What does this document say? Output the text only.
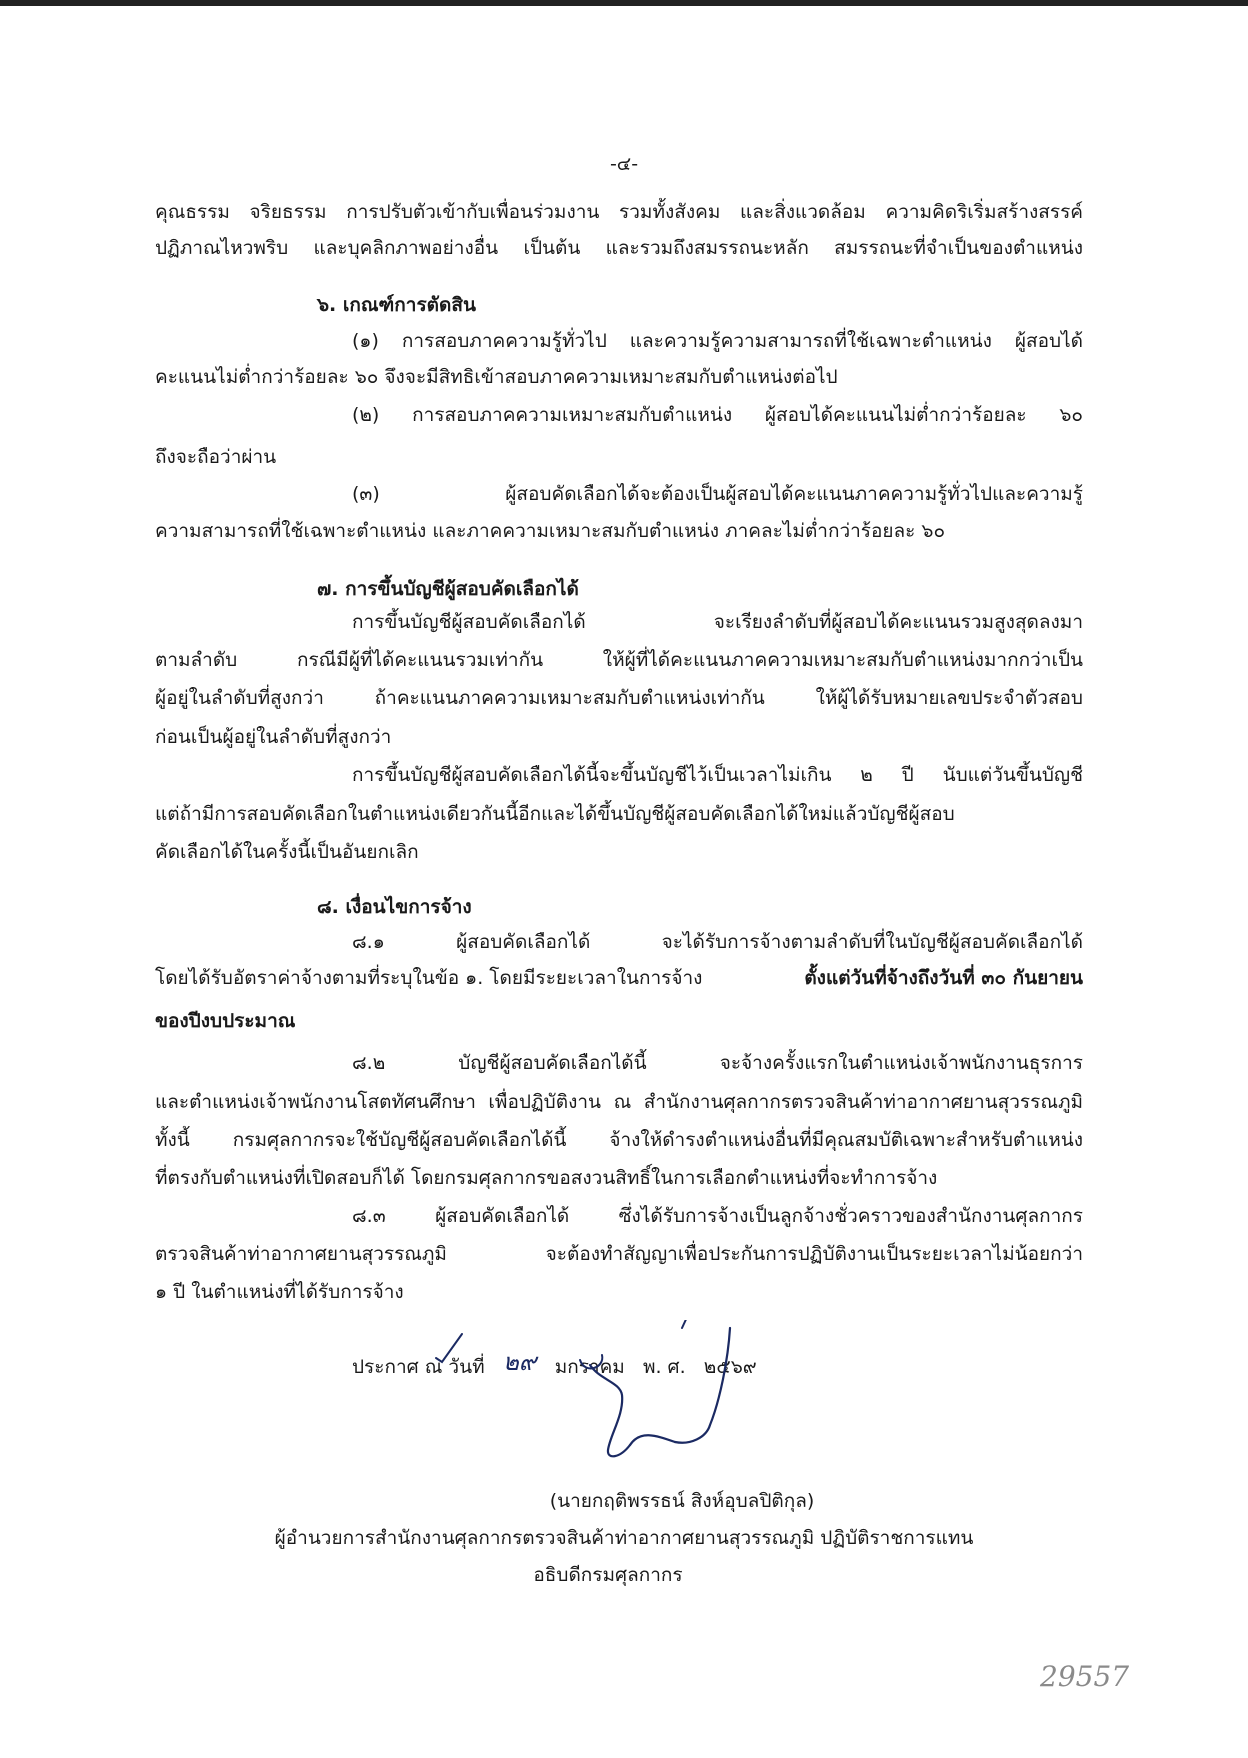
-๔-
คุณธรรม จริยธรรม การปรับตัวเข้ากับเพื่อนร่วมงาน รวมทั้งสังคม และสิ่งแวดล้อม ความคิดริเริ่มสร้างสรรค์
ปฏิภาณไหวพริบ และบุคลิกภาพอย่างอื่น เป็นต้น และรวมถึงสมรรถนะหลัก สมรรถนะที่จำเป็นของตำแหน่ง
๖. เกณฑ์การตัดสิน
(๑) การสอบภาคความรู้ทั่วไป และความรู้ความสามารถที่ใช้เฉพาะตำแหน่ง ผู้สอบได้
คะแนนไม่ต่ำกว่าร้อยละ ๖๐ จึงจะมีสิทธิเข้าสอบภาคความเหมาะสมกับตำแหน่งต่อไป
(๒) การสอบภาคความเหมาะสมกับตำแหน่ง ผู้สอบได้คะแนนไม่ต่ำกว่าร้อยละ ๖๐
ถึงจะถือว่าผ่าน
(๓) ผู้สอบคัดเลือกได้จะต้องเป็นผู้สอบได้คะแนนภาคความรู้ทั่วไปและความรู้
ความสามารถที่ใช้เฉพาะตำแหน่ง และภาคความเหมาะสมกับตำแหน่ง ภาคละไม่ต่ำกว่าร้อยละ ๖๐
๗. การขึ้นบัญชีผู้สอบคัดเลือกได้
การขึ้นบัญชีผู้สอบคัดเลือกได้ จะเรียงลำดับที่ผู้สอบได้คะแนนรวมสูงสุดลงมา
ตามลำดับ กรณีมีผู้ที่ได้คะแนนรวมเท่ากัน ให้ผู้ที่ได้คะแนนภาคความเหมาะสมกับตำแหน่งมากกว่าเป็น
ผู้อยู่ในลำดับที่สูงกว่า ถ้าคะแนนภาคความเหมาะสมกับตำแหน่งเท่ากัน ให้ผู้ได้รับหมายเลขประจำตัวสอบ
ก่อนเป็นผู้อยู่ในลำดับที่สูงกว่า
การขึ้นบัญชีผู้สอบคัดเลือกได้นี้จะขึ้นบัญชีไว้เป็นเวลาไม่เกิน ๒ ปี นับแต่วันขึ้นบัญชี
แต่ถ้ามีการสอบคัดเลือกในตำแหน่งเดียวกันนี้อีกและได้ขึ้นบัญชีผู้สอบคัดเลือกได้ใหม่แล้วบัญชีผู้สอบ
คัดเลือกได้ในครั้งนี้เป็นอันยกเลิก
๘. เงื่อนไขการจ้าง
๘.๑ ผู้สอบคัดเลือกได้ จะได้รับการจ้างตามลำดับที่ในบัญชีผู้สอบคัดเลือกได้
โดยได้รับอัตราค่าจ้างตามที่ระบุในข้อ ๑. โดยมีระยะเวลาในการจ้าง	ตั้งแต่วันที่จ้างถึงวันที่ ๓๐ กันยายน
ของปีงบประมาณ
๘.๒ บัญชีผู้สอบคัดเลือกได้นี้ จะจ้างครั้งแรกในตำแหน่งเจ้าพนักงานธุรการ
และตำแหน่งเจ้าพนักงานโสตทัศนศึกษา เพื่อปฏิบัติงาน ณ สำนักงานศุลกากรตรวจสินค้าท่าอากาศยานสุวรรณภูมิ
ทั้งนี้ กรมศุลกากรจะใช้บัญชีผู้สอบคัดเลือกได้นี้ จ้างให้ดำรงตำแหน่งอื่นที่มีคุณสมบัติเฉพาะสำหรับตำแหน่ง
ที่ตรงกับตำแหน่งที่เปิดสอบก็ได้ โดยกรมศุลกากรขอสงวนสิทธิ์ในการเลือกตำแหน่งที่จะทำการจ้าง
๘.๓ ผู้สอบคัดเลือกได้ ซึ่งได้รับการจ้างเป็นลูกจ้างชั่วคราวของสำนักงานศุลกากร
ตรวจสินค้าท่าอากาศยานสุวรรณภูมิ จะต้องทำสัญญาเพื่อประกันการปฏิบัติงานเป็นระยะเวลาไม่น้อยกว่า
๑ ปี ในตำแหน่งที่ได้รับการจ้าง
ประกาศ ณ วันที่ ๒๙ มกราคม พ. ศ. ๒๕๖๙
(นายกฤติพรรธน์ สิงห์อุบลปิติกุล)
ผู้อำนวยการสำนักงานศุลกากรตรวจสินค้าท่าอากาศยานสุวรรณภูมิ ปฏิบัติราชการแทน
อธิบดีกรมศุลกากร
29557
